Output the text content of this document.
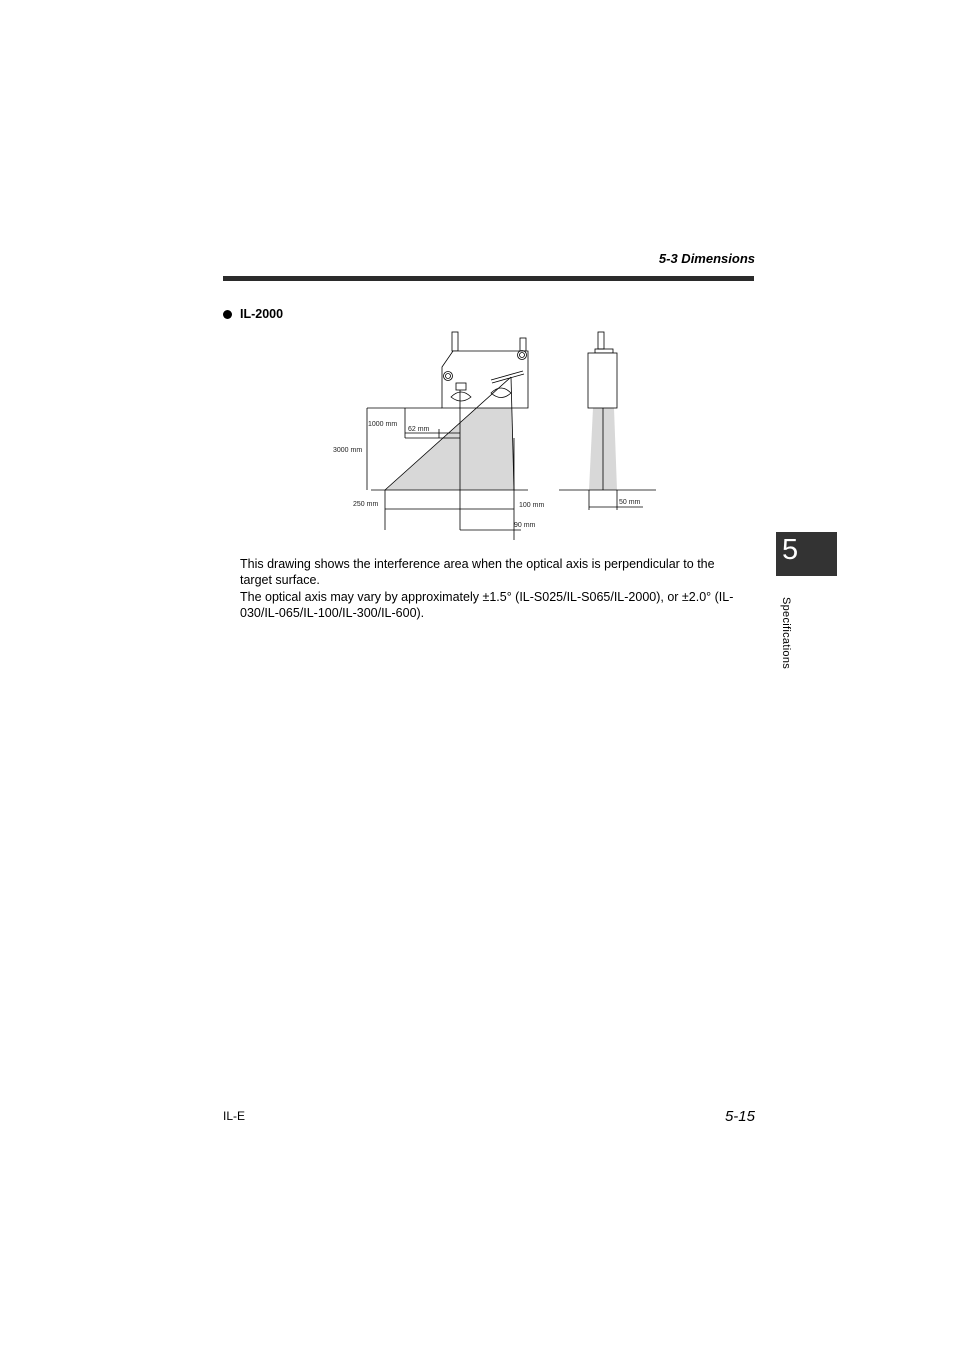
5-3 Dimensions
IL-2000
1000 mm
62 mm
3000 mm
250 mm	100 mm
90 mm
50 mm

This drawing shows the interference area when the optical axis is perpendicular to the target surface.

The optical axis may vary by approximately ±1.5° (IL-S025/IL-S065/IL-2000), or ±2.0° (IL-030/IL-065/IL-100/IL-300/IL-600).

5
Specifications
IL-E	5-15
